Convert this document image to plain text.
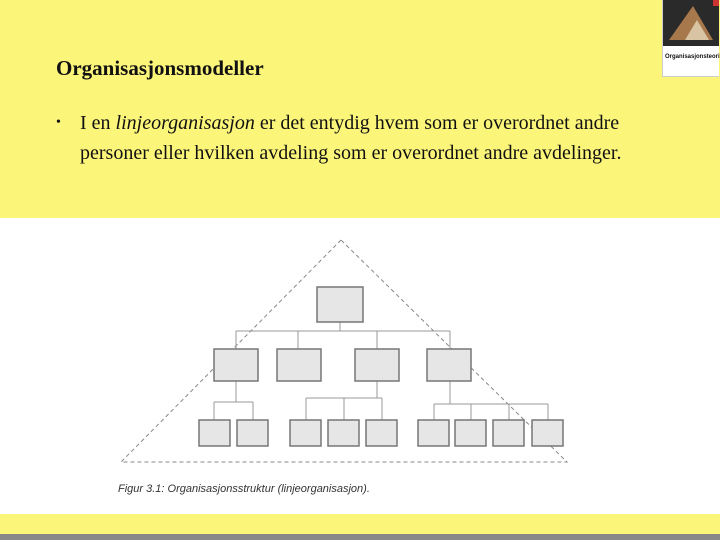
Organisasjonsmodeller
• I en linjeorganisasjon er det entydig hvem som er overordnet andre personer eller hvilken avdeling som er overordnet andre avdelinger.
Organisasjonsteori
Figur 3.1: Organisasjonsstruktur (linjeorganisasjon).
